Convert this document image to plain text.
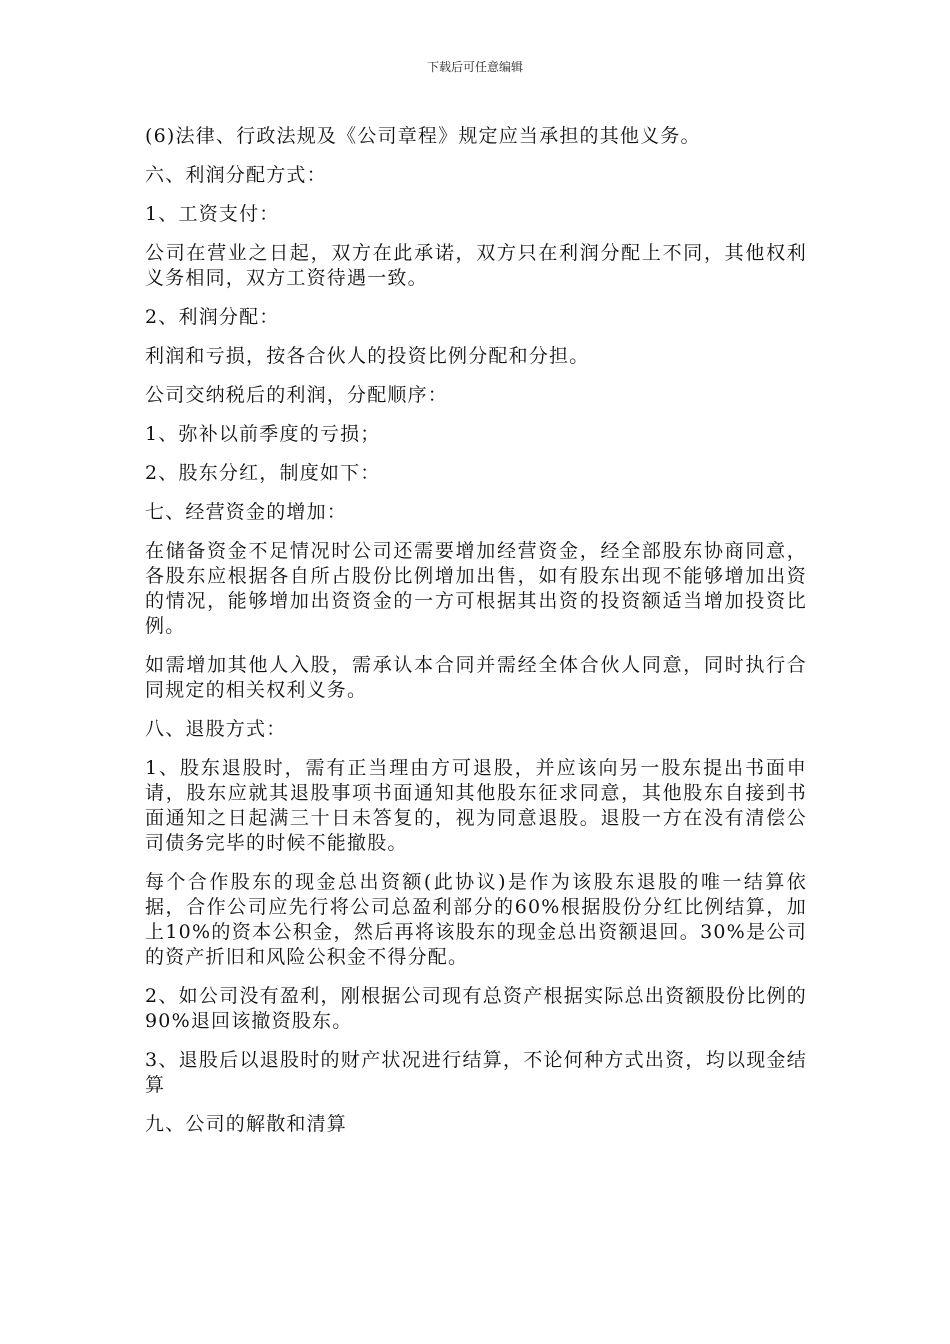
下载后可任意编辑

(6)法律、行政法规及《公司章程》规定应当承担的其他义务。

六、利润分配方式：

1、工资支付：

公司在营业之日起，双方在此承诺，双方只在利润分配上不同，其他权利义务相同，双方工资待遇一致。

2、利润分配：

利润和亏损，按各合伙人的投资比例分配和分担。

公司交纳税后的利润，分配顺序：

1、弥补以前季度的亏损；

2、股东分红，制度如下：

七、经营资金的增加：

在储备资金不足情况时公司还需要增加经营资金，经全部股东协商同意，各股东应根据各自所占股份比例增加出售，如有股东出现不能够增加出资的情况，能够增加出资资金的一方可根据其出资的投资额适当增加投资比例。

如需增加其他人入股，需承认本合同并需经全体合伙人同意，同时执行合同规定的相关权利义务。

八、退股方式：

1、股东退股时，需有正当理由方可退股，并应该向另一股东提出书面申请，股东应就其退股事项书面通知其他股东征求同意，其他股东自接到书面通知之日起满三十日未答复的，视为同意退股。退股一方在没有清偿公司债务完毕的时候不能撤股。

每个合作股东的现金总出资额(此协议)是作为该股东退股的唯一结算依据，合作公司应先行将公司总盈利部分的60%根据股份分红比例结算，加上10%的资本公积金，然后再将该股东的现金总出资额退回。30%是公司的资产折旧和风险公积金不得分配。

2、如公司没有盈利，刚根据公司现有总资产根据实际总出资额股份比例的90%退回该撤资股东。

3、退股后以退股时的财产状况进行结算，不论何种方式出资，均以现金结算

九、公司的解散和清算
